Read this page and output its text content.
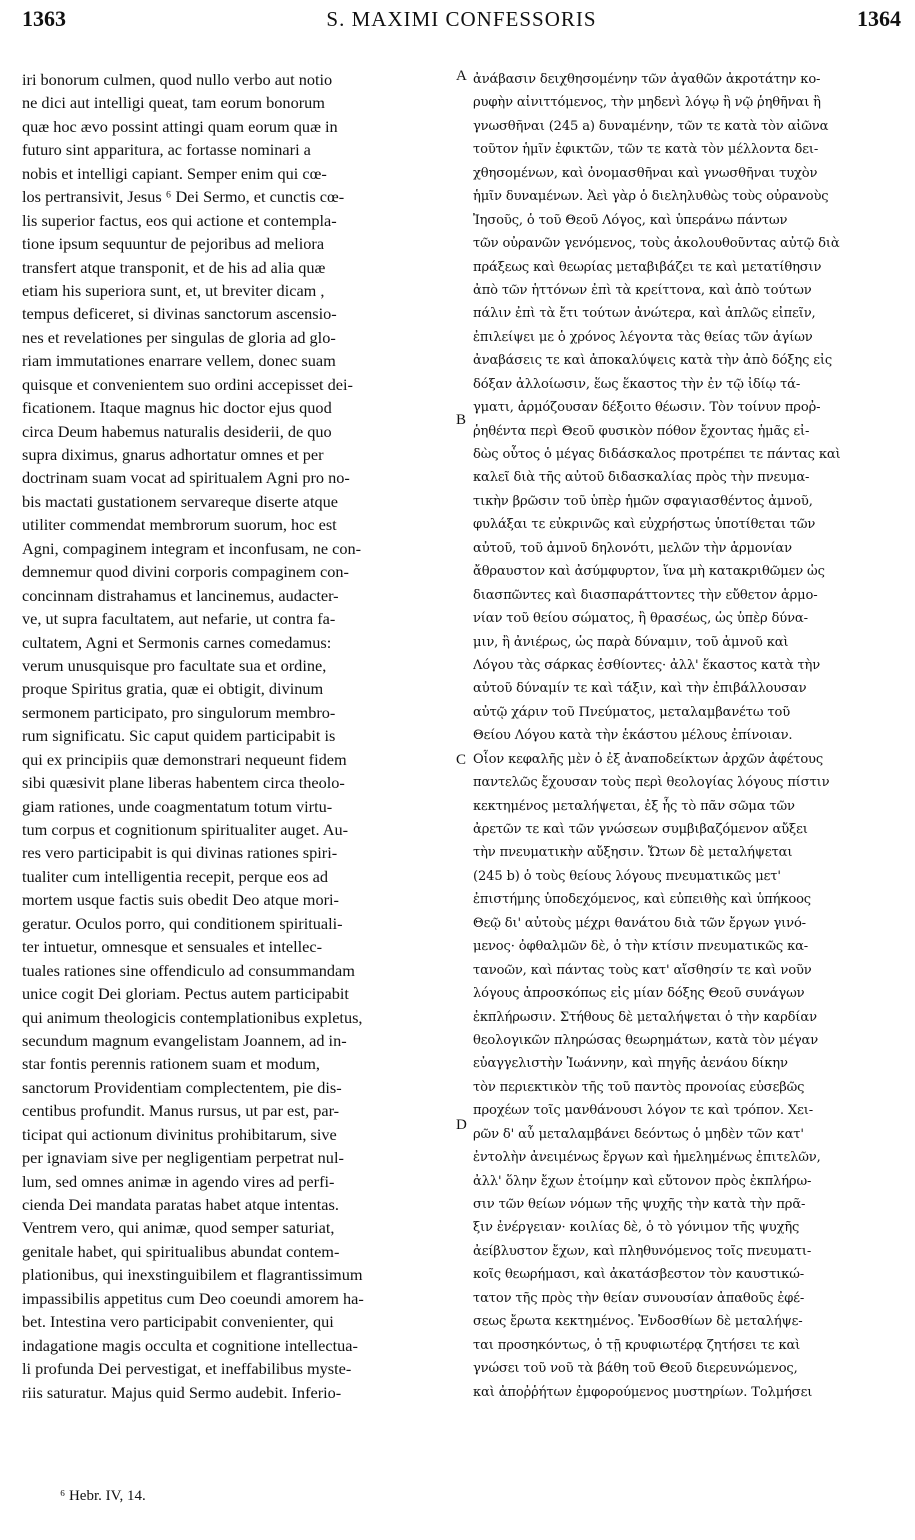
1363	S. MAXIMI CONFESSORIS	1364
iri bonorum culmen, quod nullo verbo aut notio
ne dici aut intelligi queat, tam eorum bonorum
quæ hoc ævo possint attingi quam eorum quæ in
futuro sint apparitura, ac fortasse nominari a
nobis et intelligi capiant. Semper enim qui cœ-
los pertransivit, Jesus ⁶ Dei Sermo, et cunctis cœ-
lis superior factus, eos qui actione et contempla-
tione ipsum sequuntur de pejoribus ad meliora
transfert atque transponit, et de his ad alia quæ
etiam his superiora sunt, et, ut breviter dicam ,
tempus deficeret, si divinas sanctorum ascensio-
nes et revelationes per singulas de gloria ad glo-
riam immutationes enarrare vellem, donec suam
quisque et convenientem suo ordini accepisset dei-
ficationem. Itaque magnus hic doctor ejus quod
circa Deum habemus naturalis desiderii, de quo
supra diximus, gnarus adhortatur omnes et per
doctrinam suam vocat ad spiritualem Agni pro no-
bis mactati gustationem servareque diserte atque
utiliter commendat membrorum suorum, hoc est
Agni, compaginem integram et inconfusam, ne con-
demnemur quod divini corporis compaginem con-
concinnam distrahamus et lancinemus, audacter-
ve, ut supra facultatem, aut nefarie, ut contra fa-
cultatem, Agni et Sermonis carnes comedamus:
verum unusquisque pro facultate sua et ordine,
proque Spiritus gratia, quæ ei obtigit, divinum
sermonem participato, pro singulorum membro-
rum significatu. Sic caput quidem participabit is
qui ex principiis quæ demonstrari nequeunt fidem
sibi quæsivit plane liberas habentem circa theolo-
giam rationes, unde coagmentatum totum virtu-
tum corpus et cognitionum spiritualiter auget. Au-
res vero participabit is qui divinas rationes spiri-
tualiter cum intelligentia recepit, perque eos ad
mortem usque factis suis obedit Deo atque mori-
geratur. Oculos porro, qui conditionem spirituali-
ter intuetur, omnesque et sensuales et intellec-
tuales rationes sine offendiculo ad consummandam
unice cogit Dei gloriam. Pectus autem participabit
qui animum theologicis contemplationibus expletus,
secundum magnum evangelistam Joannem, ad in-
star fontis perennis rationem suam et modum,
sanctorum Providentiam complectentem, pie dis-
centibus profundit. Manus rursus, ut par est, par-
ticipat qui actionum divinitus prohibitarum, sive
per ignaviam sive per negligentiam perpetrat nul-
lum, sed omnes animæ in agendo vires ad perfi-
cienda Dei mandata paratas habet atque intentas.
Ventrem vero, qui animæ, quod semper saturiat,
genitale habet, qui spiritualibus abundat contem-
plationibus, qui inexstinguibilem et flagrantissimum
impassibilis appetitus cum Deo coeundi amorem ha-
bet. Intestina vero participabit convenienter, qui
indagatione magis occulta et cognitione intellectua-
li profunda Dei pervestigat, et ineffabilibus myste-
riis saturatur. Majus quid Sermo audebit. Inferio-
A
B
C
D
ἀνάβασιν δειχθησομένην τῶν ἀγαθῶν ἀκροτάτην κο-
ρυφὴν αἰνιττόμενος, τὴν μηδενὶ λόγῳ ἢ νῷ ῥηθῆναι ἢ
γνωσθῆναι (245 a) δυναμένην, τῶν τε κατὰ τὸν αἰῶνα
τοῦτον ἡμῖν ἐφικτῶν, τῶν τε κατὰ τὸν μέλλοντα δει-
χθησομένων, καὶ ὀνομασθῆναι καὶ γνωσθῆναι τυχὸν
ἡμῖν δυναμένων. Ἀεὶ γὰρ ὁ διεληλυθὼς τοὺς οὐρανοὺς
Ἰησοῦς, ὁ τοῦ Θεοῦ Λόγος, καὶ ὑπεράνω πάντων
τῶν οὐρανῶν γενόμενος, τοὺς ἀκολουθοῦντας αὐτῷ διὰ
πράξεως καὶ θεωρίας μεταβιβάζει τε καὶ μετατίθησιν
ἀπὸ τῶν ἡττόνων ἐπὶ τὰ κρείττονα, καὶ ἀπὸ τούτων
πάλιν ἐπὶ τὰ ἔτι τούτων ἀνώτερα, καὶ ἁπλῶς εἰπεῖν,
ἐπιλείψει με ὁ χρόνος λέγοντα τὰς θείας τῶν ἁγίων
ἀναβάσεις τε καὶ ἀποκαλύψεις κατὰ τὴν ἀπὸ δόξης εἰς
δόξαν ἀλλοίωσιν, ἕως ἕκαστος τὴν ἐν τῷ ἰδίῳ τά-
γματι, ἁρμόζουσαν δέξοιτο θέωσιν. Τὸν τοίνυν προῤ-
ῥηθέντα περὶ Θεοῦ φυσικὸν πόθον ἔχοντας ἡμᾶς εἰ-
δὼς οὗτος ὁ μέγας διδάσκαλος προτρέπει τε πάντας καὶ
καλεῖ διὰ τῆς αὐτοῦ διδασκαλίας πρὸς τὴν πνευμα-
τικὴν βρῶσιν τοῦ ὑπὲρ ἡμῶν σφαγιασθέντος ἀμνοῦ,
φυλάξαι τε εὐκρινῶς καὶ εὐχρήστως ὑποτίθεται τῶν
αὐτοῦ, τοῦ ἀμνοῦ δηλονότι, μελῶν τὴν ἁρμονίαν
ἄθραυστον καὶ ἀσύμφυρτον, ἵνα μὴ κατακριθῶμεν ὡς
διασπῶντες καὶ διασπαράττοντες τὴν εὔθετον ἁρμο-
νίαν τοῦ θείου σώματος, ἢ θρασέως, ὡς ὑπὲρ δύνα-
μιν, ἢ ἀνιέρως, ὡς παρὰ δύναμιν, τοῦ ἀμνοῦ καὶ
Λόγου τὰς σάρκας ἐσθίοντες· ἀλλ' ἕκαστος κατὰ τὴν
αὐτοῦ δύναμίν τε καὶ τάξιν, καὶ τὴν ἐπιβάλλουσαν
αὐτῷ χάριν τοῦ Πνεύματος, μεταλαμβανέτω τοῦ
Θείου Λόγου κατὰ τὴν ἑκάστου μέλους ἐπίνοιαν.
Οἷον κεφαλῆς μὲν ὁ ἐξ ἀναποδείκτων ἀρχῶν ἀφέτους
παντελῶς ἔχουσαν τοὺς περὶ θεολογίας λόγους πίστιν
κεκτημένος μεταλήψεται, ἐξ ἧς τὸ πᾶν σῶμα τῶν
ἀρετῶν τε καὶ τῶν γνώσεων συμβιβαζόμενον αὔξει
τὴν πνευματικὴν αὔξησιν. Ὤτων δὲ μεταλήψεται
(245 b) ὁ τοὺς θείους λόγους πνευματικῶς μετ'
ἐπιστήμης ὑποδεχόμενος, καὶ εὐπειθὴς καὶ ὑπήκοος
Θεῷ δι' αὐτοὺς μέχρι θανάτου διὰ τῶν ἔργων γινό-
μενος· ὀφθαλμῶν δὲ, ὁ τὴν κτίσιν πνευματικῶς κα-
τανοῶν, καὶ πάντας τοὺς κατ' αἴσθησίν τε καὶ νοῦν
λόγους ἀπροσκόπως εἰς μίαν δόξης Θεοῦ συνάγων
ἐκπλήρωσιν. Στήθους δὲ μεταλήψεται ὁ τὴν καρδίαν
θεολογικῶν πληρώσας θεωρημάτων, κατὰ τὸν μέγαν
εὐαγγελιστὴν Ἰωάννην, καὶ πηγῆς ἀενάου δίκην
τὸν περιεκτικὸν τῆς τοῦ παντὸς προνοίας εὐσεβῶς
προχέων τοῖς μανθάνουσι λόγον τε καὶ τρόπον. Χει-
ρῶν δ' αὖ μεταλαμβάνει δεόντως ὁ μηδὲν τῶν κατ'
ἐντολὴν ἀνειμένως ἔργων καὶ ἠμελημένως ἐπιτελῶν,
ἀλλ' ὅλην ἔχων ἑτοίμην καὶ εὔτονον πρὸς ἐκπλήρω-
σιν τῶν θείων νόμων τῆς ψυχῆς τὴν κατὰ τὴν πρᾶ-
ξιν ἐνέργειαν· κοιλίας δὲ, ὁ τὸ γόνιμον τῆς ψυχῆς
ἀείβλυστον ἔχων, καὶ πληθυνόμενος τοῖς πνευματι-
κοῖς θεωρήμασι, καὶ ἀκατάσβεστον τὸν καυστικώ-
τατον τῆς πρὸς τὴν θείαν συνουσίαν ἀπαθοῦς ἐφέ-
σεως ἔρωτα κεκτημένος. Ἐνδοσθίων δὲ μεταλήψε-
ται προσηκόντως, ὁ τῇ κρυφιωτέρᾳ ζητήσει τε καὶ
γνώσει τοῦ νοῦ τὰ βάθη τοῦ Θεοῦ διερευνώμενος,
καὶ ἀποῤῥήτων ἐμφορούμενος μυστηρίων. Τολμήσει
⁶ Hebr. IV, 14.
